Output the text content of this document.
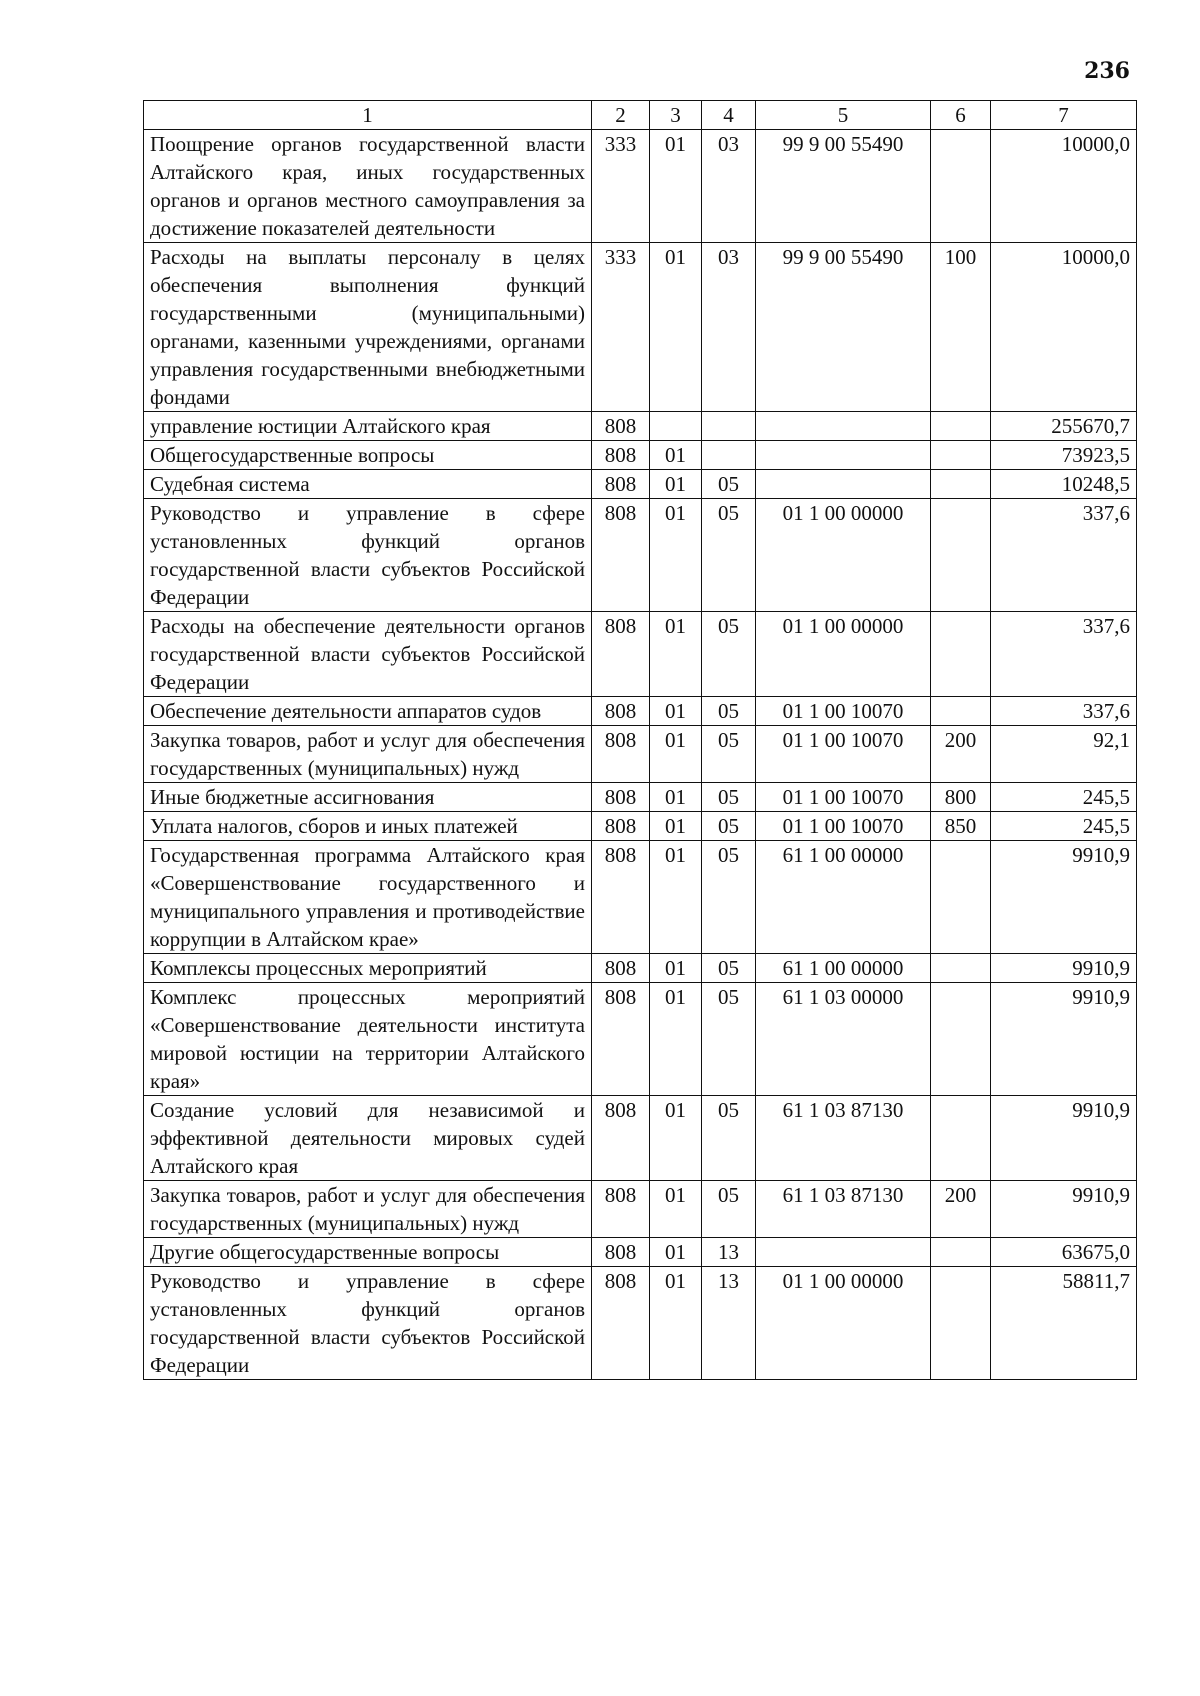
236
1	2	3	4	5	6	7
Поощрение органов государственной власти Алтайского края, иных государственных органов и органов местного самоуправления за достижение показателей деятельности	333	01	03	99 9 00 55490		10000,0
Расходы на выплаты персоналу в целях обеспечения выполнения функций государственными (муниципальными) органами, казенными учреждениями, органами управления государственными внебюджетными фондами	333	01	03	99 9 00 55490	100	10000,0
управление юстиции Алтайского края	808					255670,7
Общегосударственные вопросы	808	01				73923,5
Судебная система	808	01	05			10248,5
Руководство и управление в сфере установленных функций органов государственной власти субъектов Российской Федерации	808	01	05	01 1 00 00000		337,6
Расходы на обеспечение деятельности органов государственной власти субъектов Российской Федерации	808	01	05	01 1 00 00000		337,6
Обеспечение деятельности аппаратов судов	808	01	05	01 1 00 10070		337,6
Закупка товаров, работ и услуг для обеспечения государственных (муниципальных) нужд	808	01	05	01 1 00 10070	200	92,1
Иные бюджетные ассигнования	808	01	05	01 1 00 10070	800	245,5
Уплата налогов, сборов и иных платежей	808	01	05	01 1 00 10070	850	245,5
Государственная программа Алтайского края «Совершенствование государственного и муниципального управления и противодействие коррупции в Алтайском крае»	808	01	05	61 1 00 00000		9910,9
Комплексы процессных мероприятий	808	01	05	61 1 00 00000		9910,9
Комплекс процессных мероприятий «Совершенствование деятельности института мировой юстиции на территории Алтайского края»	808	01	05	61 1 03 00000		9910,9
Создание условий для независимой и эффективной деятельности мировых судей Алтайского края	808	01	05	61 1 03 87130		9910,9
Закупка товаров, работ и услуг для обеспечения государственных (муниципальных) нужд	808	01	05	61 1 03 87130	200	9910,9
Другие общегосударственные вопросы	808	01	13			63675,0
Руководство и управление в сфере установленных функций органов государственной власти субъектов Российской Федерации	808	01	13	01 1 00 00000		58811,7
